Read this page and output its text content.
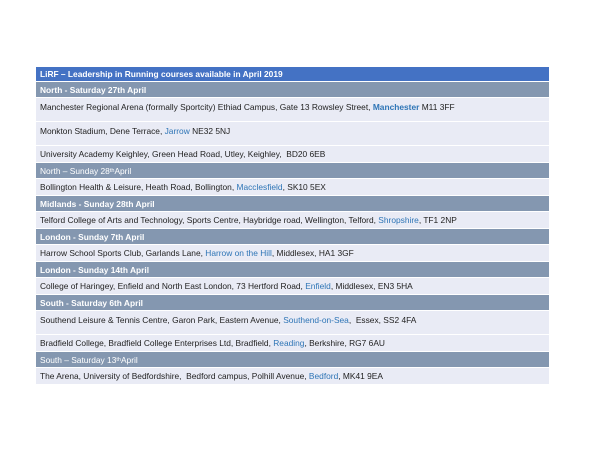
LiRF – Leadership in Running courses available in April 2019
North - Saturday 27th April
Manchester Regional Arena (formally Sportcity) Ethiad Campus, Gate 13 Rowsley Street, Manchester M11 3FF
Monkton Stadium, Dene Terrace, Jarrow NE32 5NJ
University Academy Keighley, Green Head Road, Utley, Keighley,  BD20 6EB
North – Sunday 28 th April
Bollington Health & Leisure, Heath Road, Bollington, Macclesfield , SK10 5EX
Midlands - Sunday 28th April
Telford College of Arts and Technology, Sports Centre, Haybridge road, Wellington, Telford, Shropshire , TF1 2NP
London - Sunday 7th April
Harrow School Sports Club, Garlands Lane, Harrow on the Hill , Middlesex, HA1 3GF
London - Sunday 14th April
College of Haringey, Enfield and North East London, 73 Hertford Road, Enfield , Middlesex, EN3 5HA
South - Saturday 6th April
Southend Leisure & Tennis Centre, Garon Park, Eastern Avenue, Southend-on-Sea ,  Essex, SS2 4FA
Bradfield College, Bradfield College Enterprises Ltd, Bradfield, Reading , Berkshire, RG7 6AU
South – Saturday 13 th April
The Arena, University of Bedfordshire,  Bedford campus, Polhill Avenue, Bedford , MK41 9EA
